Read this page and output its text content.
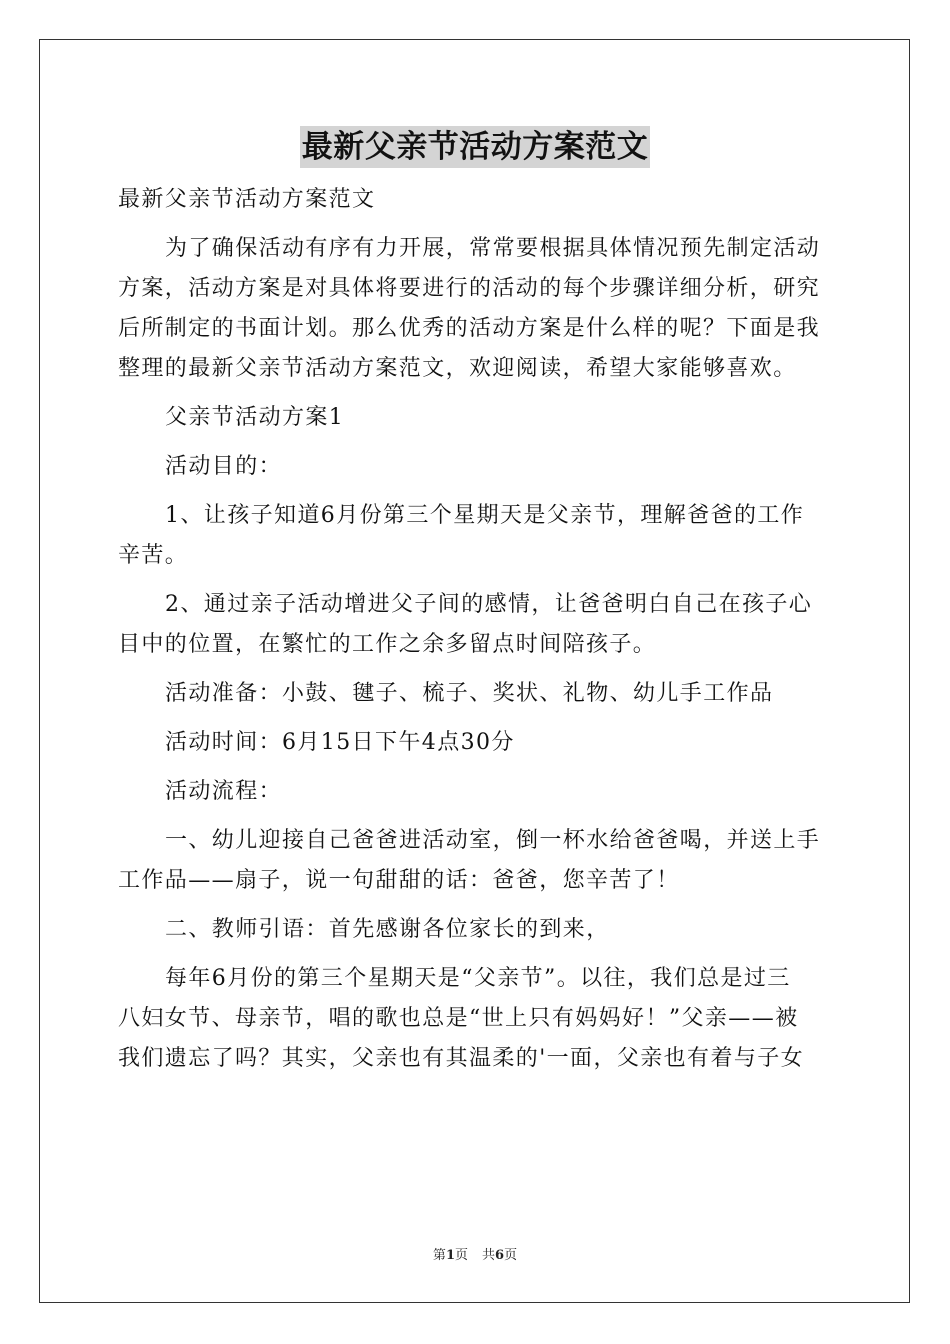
最新父亲节活动方案范文
最新父亲节活动方案范文
为了确保活动有序有力开展，常常要根据具体情况预先制定活动
方案，活动方案是对具体将要进行的活动的每个步骤详细分析，研究
后所制定的书面计划。那么优秀的活动方案是什么样的呢？下面是我
整理的最新父亲节活动方案范文，欢迎阅读，希望大家能够喜欢。
父亲节活动方案1
活动目的：
1、让孩子知道6月份第三个星期天是父亲节，理解爸爸的工作
辛苦。
2、通过亲子活动增进父子间的感情，让爸爸明白自己在孩子心
目中的位置，在繁忙的工作之余多留点时间陪孩子。
活动准备：小鼓、毽子、梳子、奖状、礼物、幼儿手工作品
活动时间：6月15日下午4点30分
活动流程：
一、幼儿迎接自己爸爸进活动室，倒一杯水给爸爸喝，并送上手
工作品——扇子，说一句甜甜的话：爸爸，您辛苦了！
二、教师引语：首先感谢各位家长的到来，
每年6月份的第三个星期天是“父亲节”。以往，我们总是过三
八妇女节、母亲节，唱的歌也总是“世上只有妈妈好！”父亲——被
我们遗忘了吗？其实，父亲也有其温柔的'一面，父亲也有着与子女
第1页 共6页
